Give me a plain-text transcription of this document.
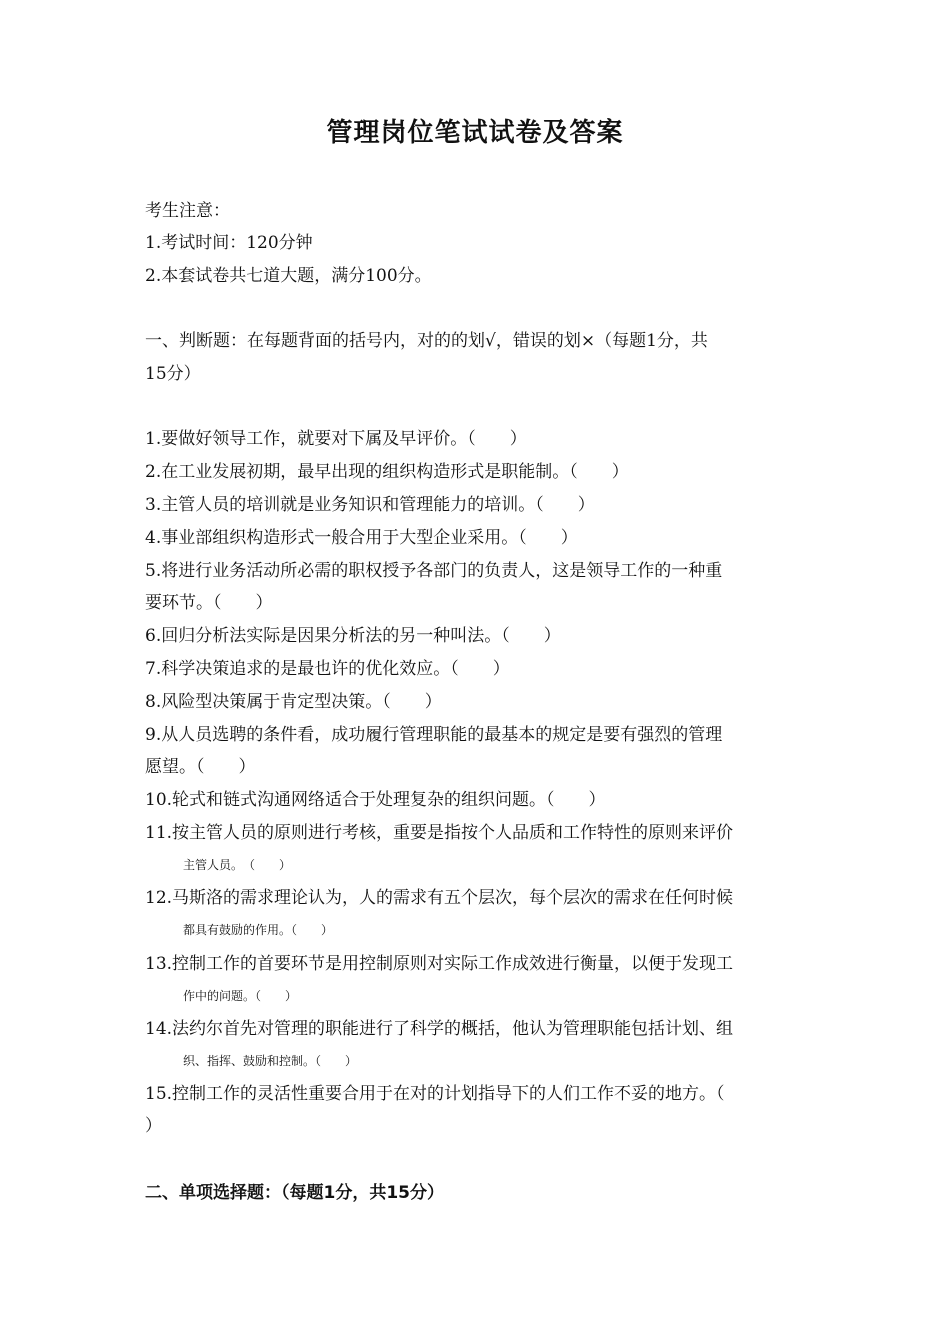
管理岗位笔试试卷及答案
考生注意：
1.考试时间：120分钟
2.本套试卷共七道大题，满分100分。
一、判断题：在每题背面的括号内，对的的划√，错误的划×（每题1分，共
15分）
1.要做好领导工作，就要对下属及早评价。（　　）
2.在工业发展初期，最早出现的组织构造形式是职能制。（　　）
3.主管人员的培训就是业务知识和管理能力的培训。（　　）
4.事业部组织构造形式一般合用于大型企业采用。（　　）
5.将进行业务活动所必需的职权授予各部门的负责人，这是领导工作的一种重
要环节。（　　）
6.回归分析法实际是因果分析法的另一种叫法。（　　）
7.科学决策追求的是最也许的优化效应。（　　）
8.风险型决策属于肯定型决策。（　　）
9.从人员选聘的条件看，成功履行管理职能的最基本的规定是要有强烈的管理
愿望。（　　）
10.轮式和链式沟通网络适合于处理复杂的组织问题。（　　）
11.按主管人员的原则进行考核，重要是指按个人品质和工作特性的原则来评价
主管人员。　（　　）
12.马斯洛的需求理论认为，人的需求有五个层次，每个层次的需求在任何时候
都具有鼓励的作用。（　　）
13.控制工作的首要环节是用控制原则对实际工作成效进行衡量，以便于发现工
作中的问题。（　　）
14.法约尔首先对管理的职能进行了科学的概括，他认为管理职能包括计划、组
织、指挥、鼓励和控制。（　　）
15.控制工作的灵活性重要合用于在对的计划指导下的人们工作不妥的地方。（
）
二、单项选择题：（每题1分，共15分）
